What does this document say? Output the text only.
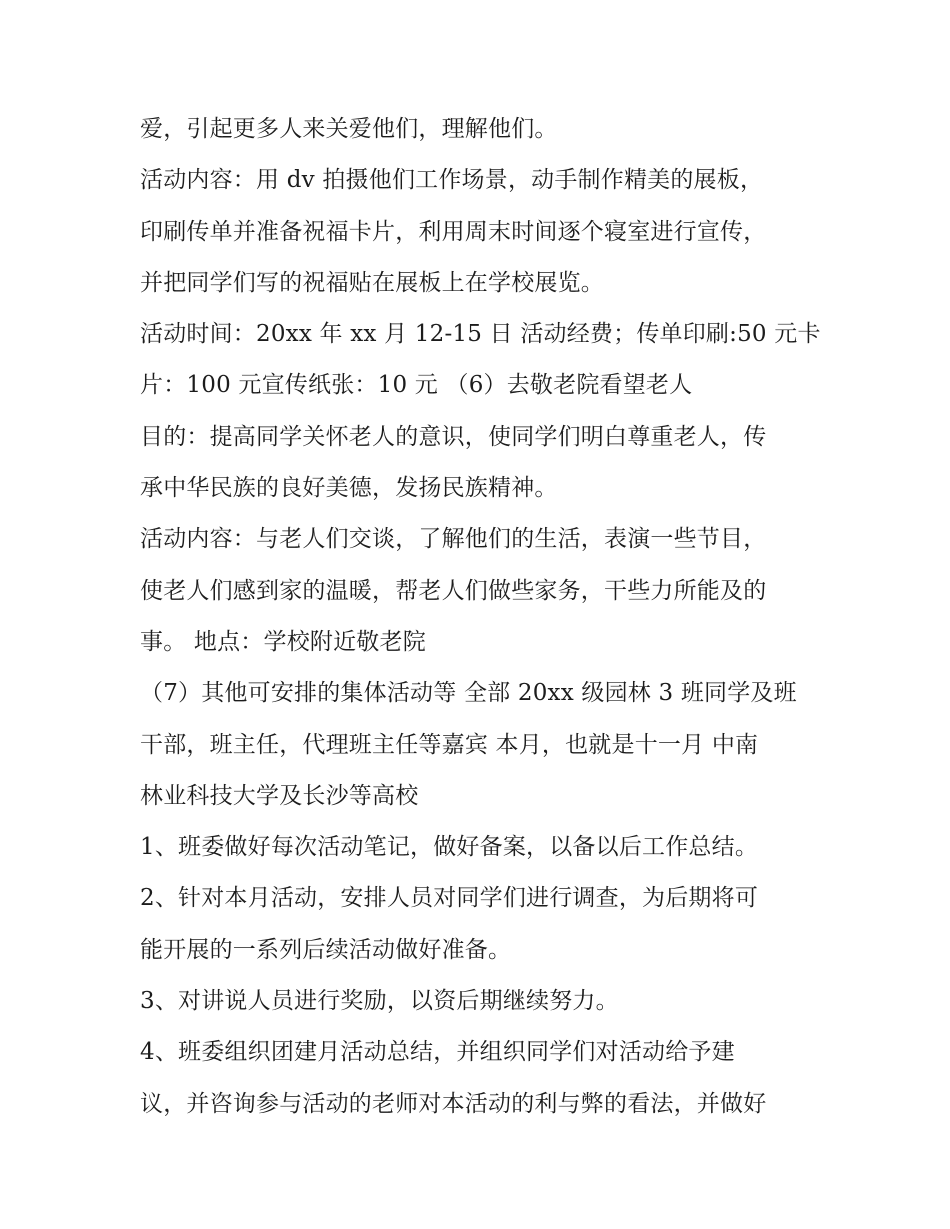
爱，引起更多人来关爱他们，理解他们。
活动内容：用 dv 拍摄他们工作场景，动手制作精美的展板，
印刷传单并准备祝福卡片，利用周末时间逐个寝室进行宣传，
并把同学们写的祝福贴在展板上在学校展览。
活动时间：20xx 年 xx 月 12-15 日 活动经费；传单印刷:50 元卡
片：100 元宣传纸张：10 元 （6）去敬老院看望老人
目的：提高同学关怀老人的意识，使同学们明白尊重老人，传
承中华民族的良好美德，发扬民族精神。
活动内容：与老人们交谈，了解他们的生活，表演一些节目，
使老人们感到家的温暖，帮老人们做些家务，干些力所能及的
事。 地点：学校附近敬老院
（7）其他可安排的集体活动等 全部 20xx 级园林 3 班同学及班
干部，班主任，代理班主任等嘉宾 本月，也就是十一月 中南
林业科技大学及长沙等高校
1、班委做好每次活动笔记，做好备案，以备以后工作总结。
2、针对本月活动，安排人员对同学们进行调查，为后期将可
能开展的一系列后续活动做好准备。
3、对讲说人员进行奖励，以资后期继续努力。
4、班委组织团建月活动总结，并组织同学们对活动给予建
议，并咨询参与活动的老师对本活动的利与弊的看法，并做好
